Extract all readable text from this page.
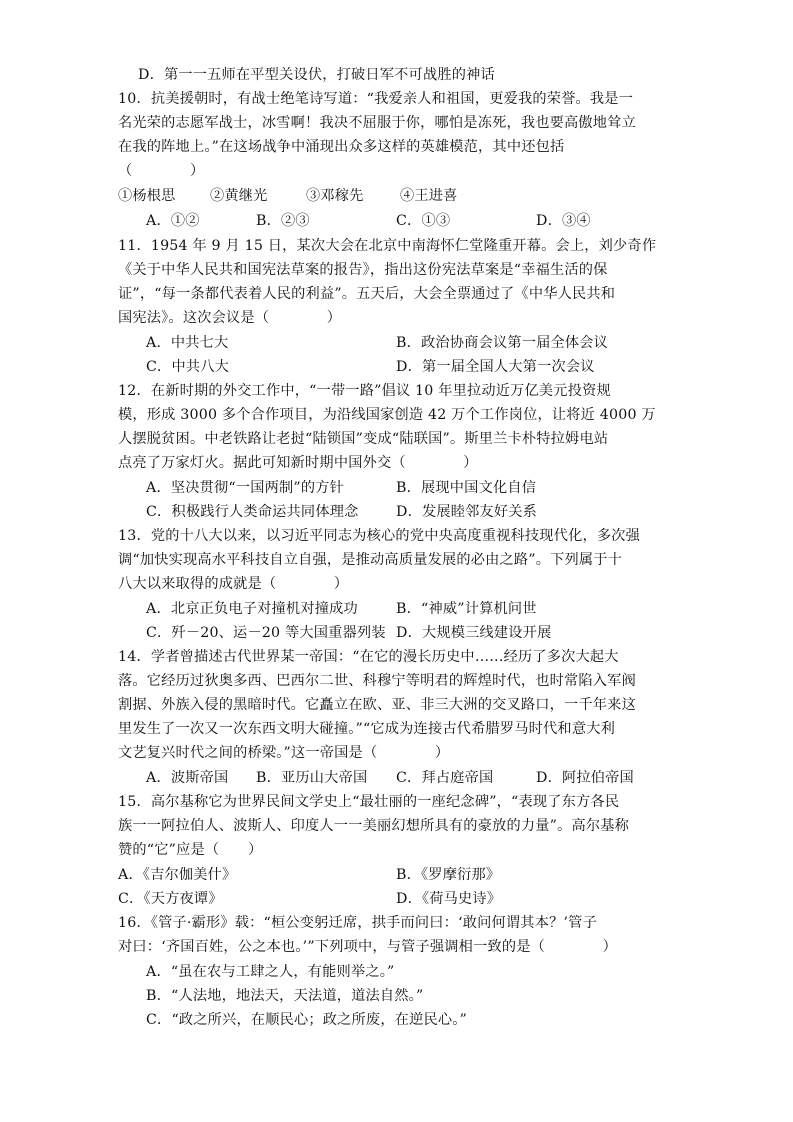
D．第一一五师在平型关设伏，打破日军不可战胜的神话
10．抗美援朝时，有战士绝笔诗写道：“我爱亲人和祖国，更爱我的荣誉。我是一
名光荣的志愿军战士，冰雪啊！我决不屈服于你，哪怕是冻死，我也要高傲地耸立
在我的阵地上。”在这场战争中涌现出众多这样的英雄模范，其中还包括
（　　　　）
①杨根思 ②黄继光	③邓稼先	④王进喜
A．①②	B．②③	C．①③	D．③④
11．1954 年 9 月 15 日，某次大会在北京中南海怀仁堂隆重开幕。会上，刘少奇作
《关于中华人民共和国宪法草案的报告》，指出这份宪法草案是“幸福生活的保
证”，“每一条都代表着人民的利益”。五天后，大会全票通过了《中华人民共和
国宪法》。这次会议是（　　　　）
A．中共七大	B．政治协商会议第一届全体会议
C．中共八大	D．第一届全国人大第一次会议
12．在新时期的外交工作中，“一带一路”倡议 10 年里拉动近万亿美元投资规
模，形成 3000 多个合作项目，为沿线国家创造 42 万个工作岗位，让将近 4000 万
人摆脱贫困。中老铁路让老挝“陆锁国”变成“陆联国”。斯里兰卡朴特拉姆电站
点亮了万家灯火。据此可知新时期中国外交（　　　　）
A．坚决贯彻“一国两制”的方针	B．展现中国文化自信
C．积极践行人类命运共同体理念	D．发展睦邻友好关系
13．党的十八大以来，以习近平同志为核心的党中央高度重视科技现代化，多次强
调“加快实现高水平科技自立自强，是推动高质量发展的必由之路”。下列属于十
八大以来取得的成就是（　　　　）
A．北京正负电子对撞机对撞成功	B．“神威”计算机问世
C．歼－20、运－20 等大国重器列装 D．大规模三线建设开展
14．学者曾描述古代世界某一帝国：“在它的漫长历史中……经历了多次大起大
落。它经历过狄奥多西、巴西尔二世、科穆宁等明君的辉煌时代，也时常陷入军阀
割据、外族入侵的黑暗时代。它矗立在欧、亚、非三大洲的交叉路口，一千年来这
里发生了一次又一次东西文明大碰撞。”“它成为连接古代希腊罗马时代和意大利
文艺复兴时代之间的桥梁。”这一帝国是（　　　　）
A．波斯帝国 B．亚历山大帝国 C．拜占庭帝国	D．阿拉伯帝国
15．高尔基称它为世界民间文学史上“最壮丽的一座纪念碑”，“表现了东方各民
族一一阿拉伯人、波斯人、印度人一一美丽幻想所具有的豪放的力量”。高尔基称
赞的“它”应是（　　）
A．《吉尔伽美什》	B．《罗摩衍那》
C．《天方夜谭》	D．《荷马史诗》
16．《管子·霸形》载：“桓公变躬迁席，拱手而问曰：‘敢问何谓其本？’管子
对曰：‘齐国百姓，公之本也。’”下列项中，与管子强调相一致的是（　　　　）
A．“虽在农与工肆之人，有能则举之。”
B．“人法地，地法天，天法道，道法自然。”
C．“政之所兴，在顺民心；政之所废，在逆民心。”
